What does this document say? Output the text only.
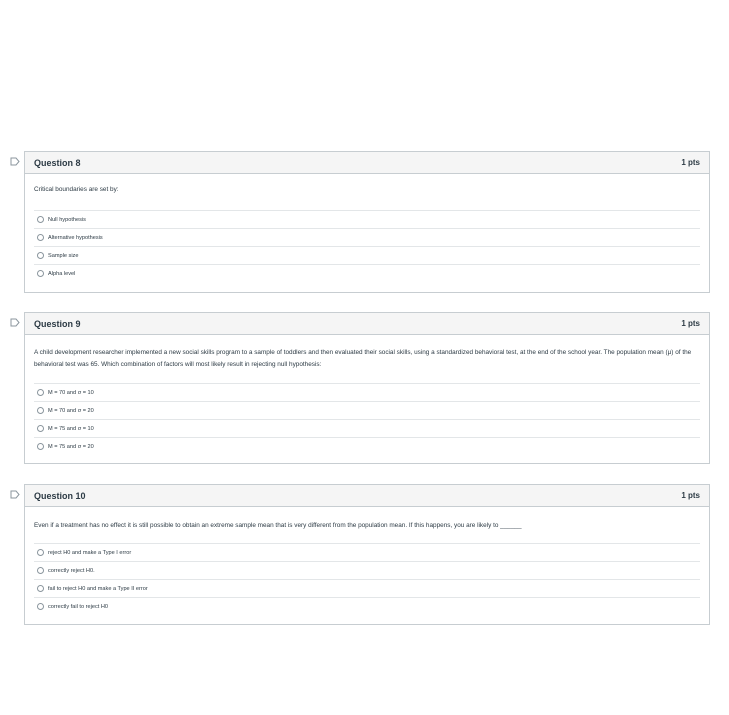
Question 8	1 pts

Critical boundaries are set by:

Null hypothesis
Alternative hypothesis
Sample size
Alpha level
Question 9	1 pts

A child development researcher implemented a new social skills program to a sample of toddlers and then evaluated their social skills, using a standardized behavioral test, at the end of the school year. The population mean (μ) of the behavioral test was 65. Which combination of factors will most likely result in rejecting null hypothesis:

M = 70 and σ = 10
M = 70 and σ = 20
M = 75 and σ = 10
M = 75 and σ = 20
Question 10	1 pts

Even if a treatment has no effect it is still possible to obtain an extreme sample mean that is very different from the population mean. If this happens, you are likely to ______

reject H0 and make a Type I error
correctly reject H0.
fail to reject H0 and make a Type II error
correctly fail to reject H0
